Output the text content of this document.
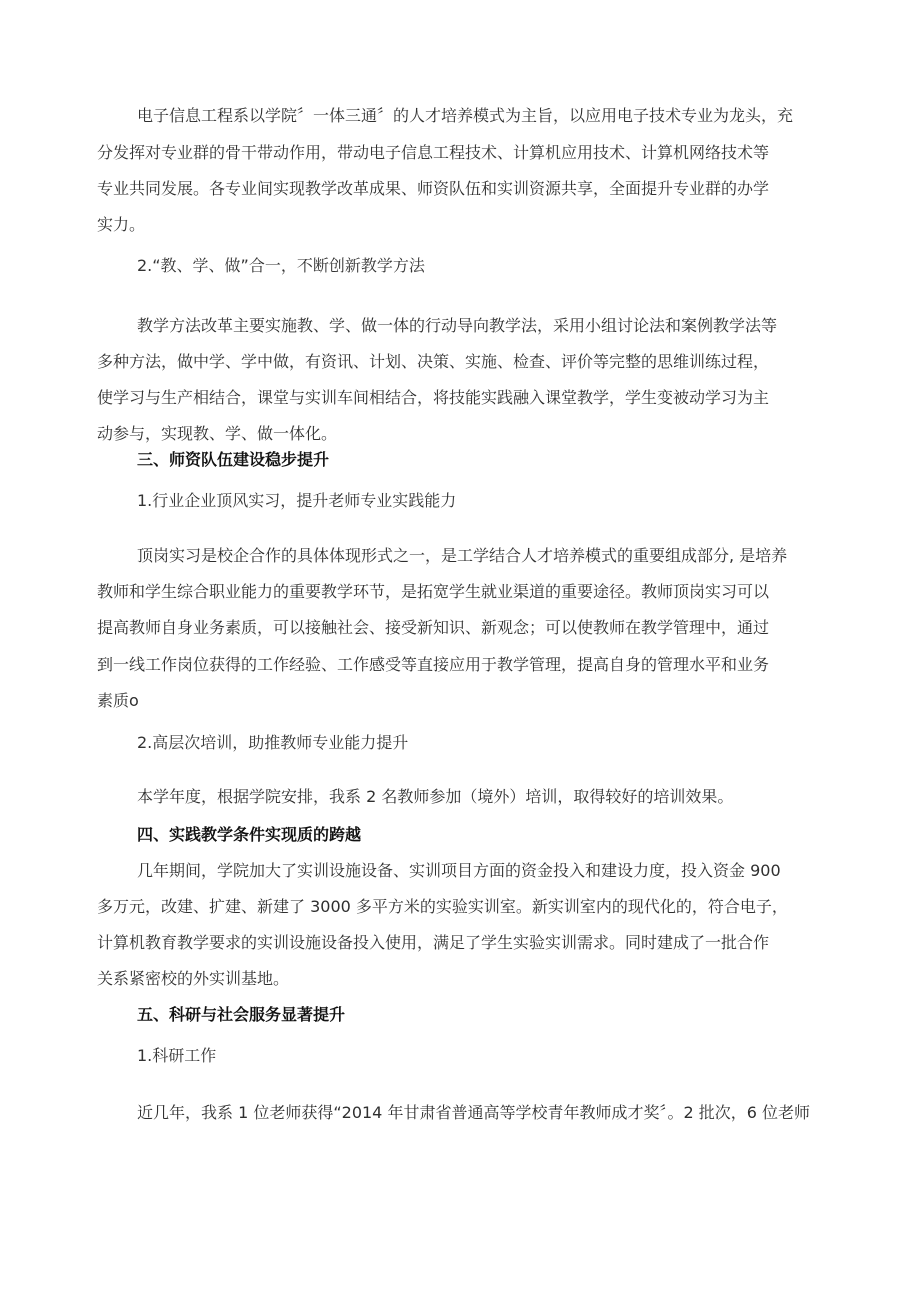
电子信息工程系以学院〞一体三通〞的人才培养模式为主旨，以应用电子技术专业为龙头，充
分发挥对专业群的骨干带动作用，带动电子信息工程技术、计算机应用技术、计算机网络技术等
专业共同发展。各专业间实现教学改革成果、师资队伍和实训资源共享，全面提升专业群的办学
实力。
2.“教、学、做”合一，不断创新教学方法
教学方法改革主要实施教、学、做一体的行动导向教学法，采用小组讨论法和案例教学法等
多种方法，做中学、学中做，有资讯、计划、决策、实施、检查、评价等完整的思维训练过程，
使学习与生产相结合，课堂与实训车间相结合，将技能实践融入课堂教学，学生变被动学习为主
动参与，实现教、学、做一体化。
三、师资队伍建设稳步提升
1.行业企业顶风实习，提升老师专业实践能力
顶岗实习是校企合作的具体体现形式之一，是工学结合人才培养模式的重要组成部分, 是培养
教师和学生综合职业能力的重要教学环节，是拓宽学生就业渠道的重要途径。教师顶岗实习可以
提高教师自身业务素质，可以接触社会、接受新知识、新观念；可以使教师在教学管理中，通过
到一线工作岗位获得的工作经验、工作感受等直接应用于教学管理，提高自身的管理水平和业务
素质o
2.高层次培训，助推教师专业能力提升
本学年度，根据学院安排，我系 2 名教师参加（境外）培训，取得较好的培训效果。
四、实践教学条件实现质的跨越
几年期间，学院加大了实训设施设备、实训项目方面的资金投入和建设力度，投入资金 900
多万元，改建、扩建、新建了 3000 多平方米的实验实训室。新实训室内的现代化的，符合电子，
计算机教育教学要求的实训设施设备投入使用，满足了学生实验实训需求。同时建成了一批合作
关系紧密校的外实训基地。
五、科研与社会服务显著提升
1.科研工作
近几年，我系 1 位老师获得“2014 年甘肃省普通高等学校青年教师成才奖〞。2 批次，6 位老师
